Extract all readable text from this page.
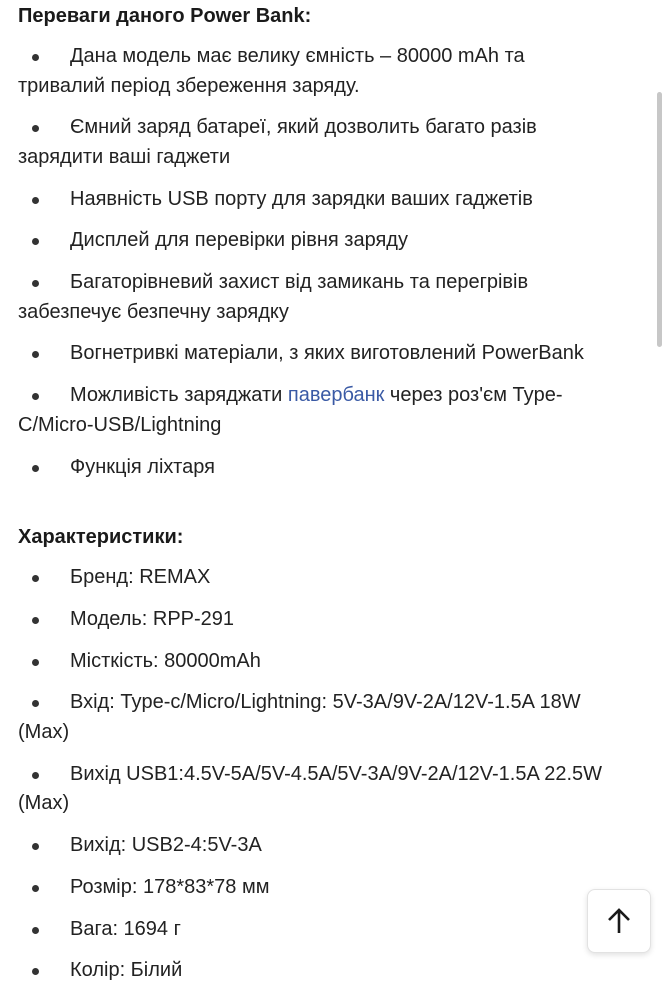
Переваги даного Power Bank:
Дана модель має велику ємність – 80000 mAh та тривалий період збереження заряду.
Ємний заряд батареї, який дозволить багато разів зарядити ваші гаджети
Наявність USB порту для зарядки ваших гаджетів
Дисплей для перевірки рівня заряду
Багаторівневий захист від замикань та перегрівів забезпечує безпечну зарядку
Вогнетривкі матеріали, з яких виготовлений PowerBank
Можливість заряджати павербанк через роз'єм Type-C/Micro-USB/Lightning
Функція ліхтаря
Характеристики:
Бренд: REMAX
Модель: RPP-291
Місткість: 80000mAh
Вхід: Type-c/Micro/Lightning: 5V-3A/9V-2A/12V-1.5A 18W (Max)
Вихід USB1:4.5V-5A/5V-4.5A/5V-3A/9V-2A/12V-1.5A 22.5W (Max)
Вихід: USB2-4:5V-3A
Розмір: 178*83*78 мм
Вага: 1694 г
Колір: Білий
